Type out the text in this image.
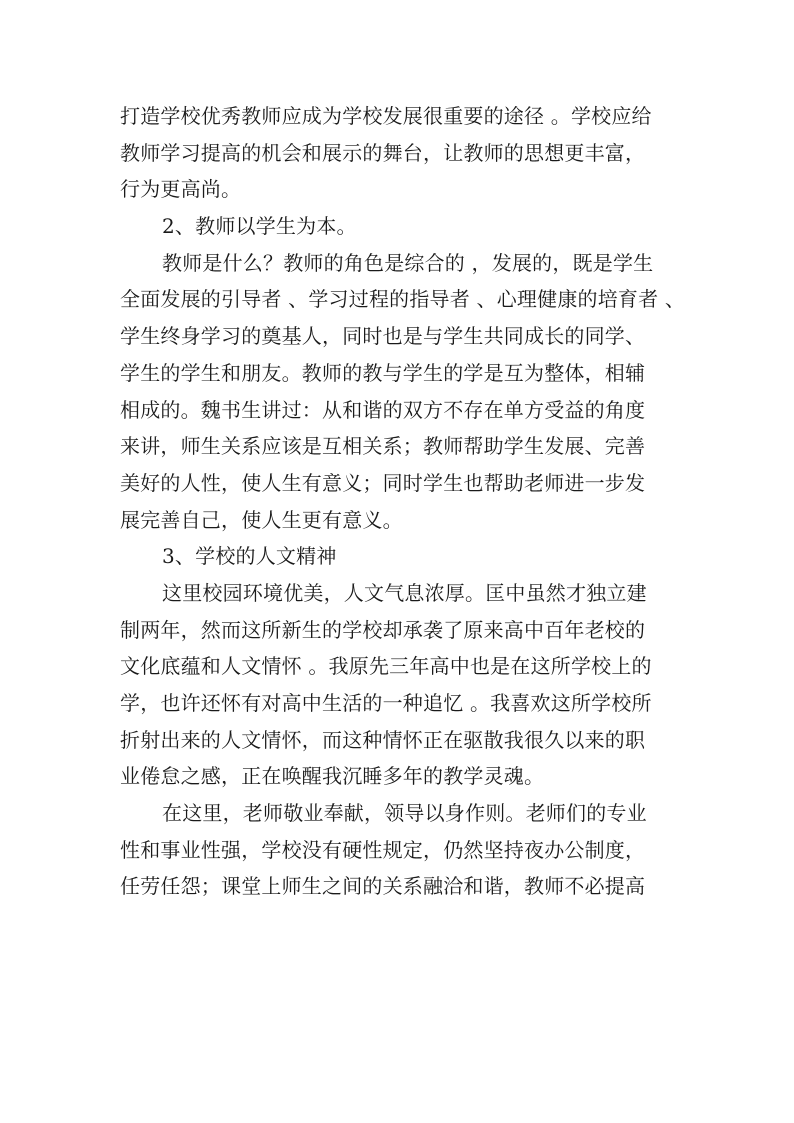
打造学校优秀教师应成为学校发展很重要的途径 。学校应给
教师学习提高的机会和展示的舞台，让教师的思想更丰富，
行为更高尚。
2、教师以学生为本。
教师是什么？教师的角色是综合的 ，发展的，既是学生
全面发展的引导者 、学习过程的指导者 、心理健康的培育者 、
学生终身学习的奠基人，同时也是与学生共同成长的同学、
学生的学生和朋友。教师的教与学生的学是互为整体，相辅
相成的。魏书生讲过：从和谐的双方不存在单方受益的角度
来讲，师生关系应该是互相关系；教师帮助学生发展、完善
美好的人性，使人生有意义；同时学生也帮助老师进一步发
展完善自己，使人生更有意义。
3、学校的人文精神
这里校园环境优美，人文气息浓厚。匡中虽然才独立建
制两年，然而这所新生的学校却承袭了原来高中百年老校的
文化底蕴和人文情怀 。我原先三年高中也是在这所学校上的
学，也许还怀有对高中生活的一种追忆 。我喜欢这所学校所
折射出来的人文情怀，而这种情怀正在驱散我很久以来的职
业倦怠之感，正在唤醒我沉睡多年的教学灵魂。
在这里，老师敬业奉献，领导以身作则。老师们的专业
性和事业性强，学校没有硬性规定，仍然坚持夜办公制度，
任劳任怨；课堂上师生之间的关系融洽和谐，教师不必提高
